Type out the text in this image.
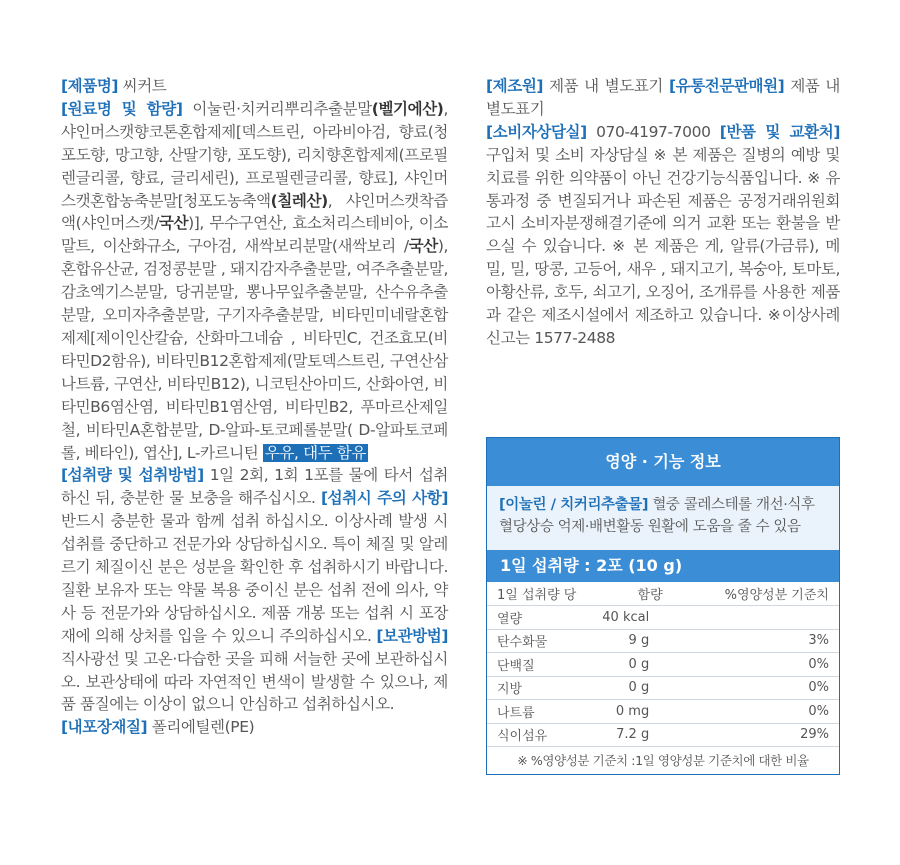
[제품명] 씨커트
[원료명 및 함량] 이눌린·치커리뿌리추출분말(벨기에산), 샤인머스캣향코톤혼합제제[덱스트린, 아라비아검, 향료(청포도향, 망고향, 산딸기향, 포도향), 리치향혼합제제(프로필렌글리콜, 향료, 글리세린), 프로필렌글리콜, 향료], 샤인머스캣혼합농축분말[청포도농축액(칠레산), 샤인머스캣착즙액(샤인머스캣/국산)], 무수구연산, 효소처리스테비아, 이소말트, 이산화규소, 구아검, 새싹보리분말(새싹보리 /국산), 혼합유산균, 검정콩분말 , 돼지감자추출분말, 여주추출분말, 감초엑기스분말, 당귀분말, 뽕나무잎추출분말, 산수유추출분말, 오미자추출분말, 구기자추출분말, 비타민미네랄혼합제제[제이인산칼슘, 산화마그네슘 , 비타민C, 건조효모(비타민D2함유), 비타민B12혼합제제(말토덱스트린, 구연산삼나트륨, 구연산, 비타민B12), 니코틴산아미드, 산화아연, 비타민B6염산염, 비타민B1염산염, 비타민B2, 푸마르산제일철, 비타민A혼합분말, D-알파-토코페롤분말( D-알파토코페롤, 베타인), 엽산], L-카르니틴 우유, 대두 함유
[섭취량 및 섭취방법] 1일 2회, 1회 1포를 물에 타서 섭취하신 뒤, 충분한 물 보충을 해주십시오. [섭취시 주의 사항] 반드시 충분한 물과 함께 섭취 하십시오. 이상사례 발생 시 섭취를 중단하고 전문가와 상담하십시오. 특이 체질 및 알레르기 체질이신 분은 성분을 확인한 후 섭취하시기 바랍니다. 질환 보유자 또는 약물 복용 중이신 분은 섭취 전에 의사, 약사 등 전문가와 상담하십시오. 제품 개봉 또는 섭취 시 포장재에 의해 상처를 입을 수 있으니 주의하십시오. [보관방법] 직사광선 및 고온·다습한 곳을 피해 서늘한 곳에 보관하십시오. 보관상태에 따라 자연적인 변색이 발생할 수 있으나, 제품 품질에는 이상이 없으니 안심하고 섭취하십시오.
[내포장재질] 폴리에틸렌(PE)
[제조원] 제품 내 별도표기 [유통전문판매원] 제품 내 별도표기
[소비자상담실] 070-4197-7000 [반품 및 교환처] 구입처 및 소비 자상담실 ※ 본 제품은 질병의 예방 및 치료를 위한 의약품이 아닌 건강기능식품입니다. ※ 유통과정 중 변질되거나 파손된 제품은 공정거래위원회 고시 소비자분쟁해결기준에 의거 교환 또는 환불을 받으실 수 있습니다. ※ 본 제품은 게, 알류(가금류), 메밀, 밀, 땅콩, 고등어, 새우 , 돼지고기, 복숭아, 토마토, 아황산류, 호두, 쇠고기, 오징어, 조개류를 사용한 제품과 같은 제조시설에서 제조하고 있습니다. ※이상사례 신고는 1577-2488
영양 · 기능 정보
[이눌린 / 치커리추출물] 혈중 콜레스테롤 개선·식후 혈당상승 억제·배변활동 원활에 도움을 줄 수 있음
1일 섭취량 : 2포 (10 g)
1일 섭취량 당	함량	%영양성분 기준치
열량	40 kcal	
탄수화물	9 g	3%
단백질	0 g	0%
지방	0 g	0%
나트륨	0 mg	0%
식이섬유	7.2 g	29%
※ %영양성분 기준치 :1일 영양성분 기준치에 대한 비율
